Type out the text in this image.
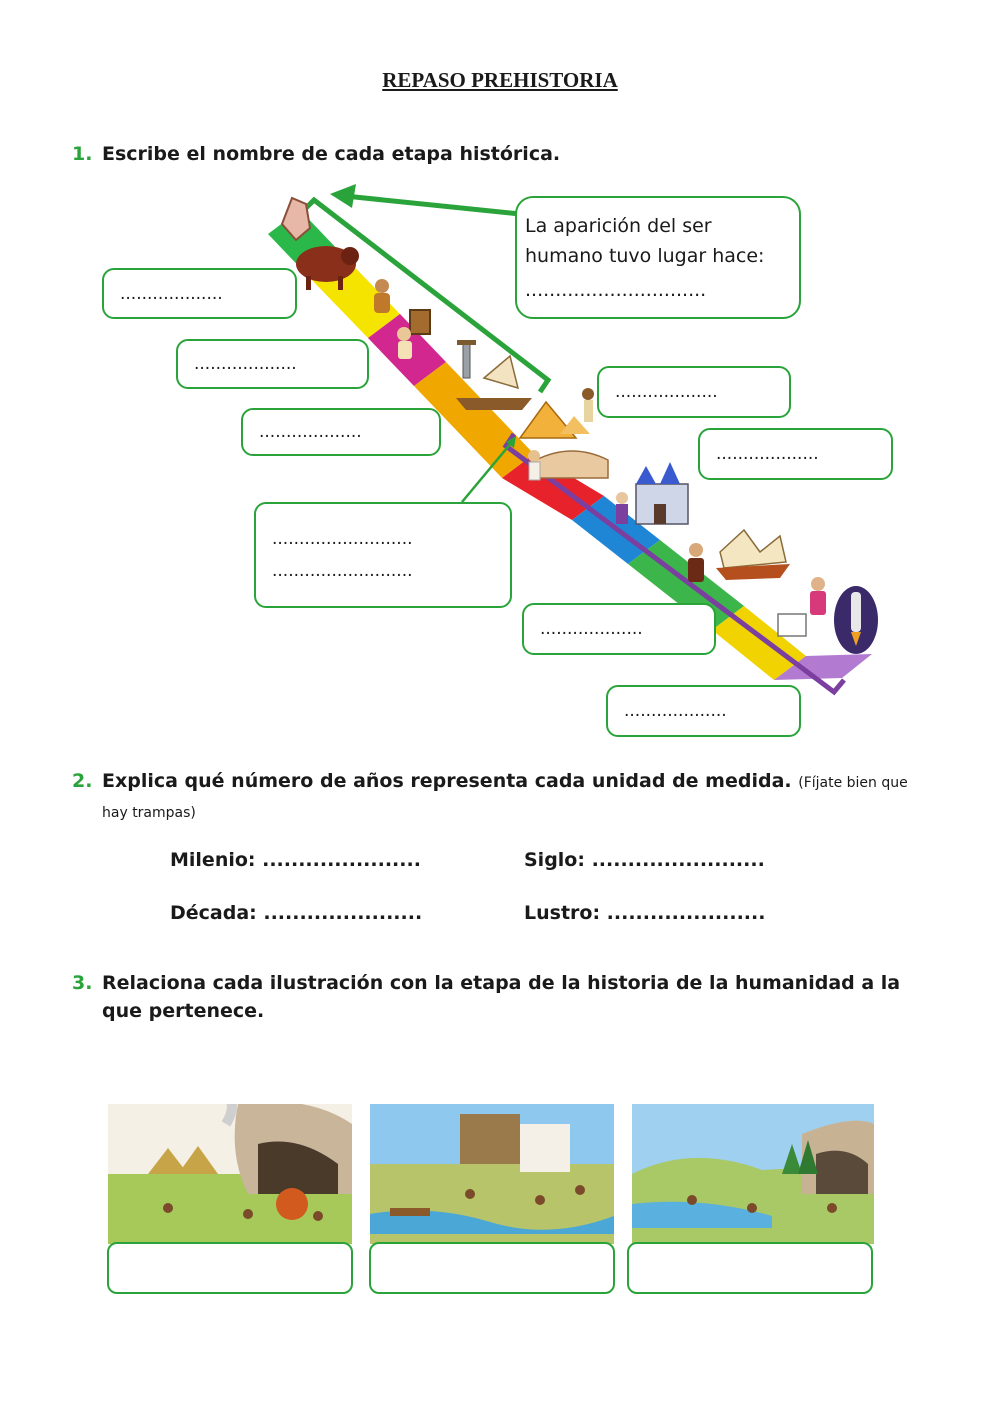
REPASO PREHISTORIA
1. Escribe el nombre de cada etapa histórica.
...................
...................
...................
..........................
..........................
...................
...................
...................
...................
La aparición del ser
humano tuvo lugar hace:
..............................
2. Explica qué número de años representa cada unidad de medida. (Fíjate bien que hay trampas)
Milenio: ......................	Siglo: ........................
Década: ......................	Lustro: ......................
3. Relaciona cada ilustración con la etapa de la historia de la humanidad a la que pertenece.
